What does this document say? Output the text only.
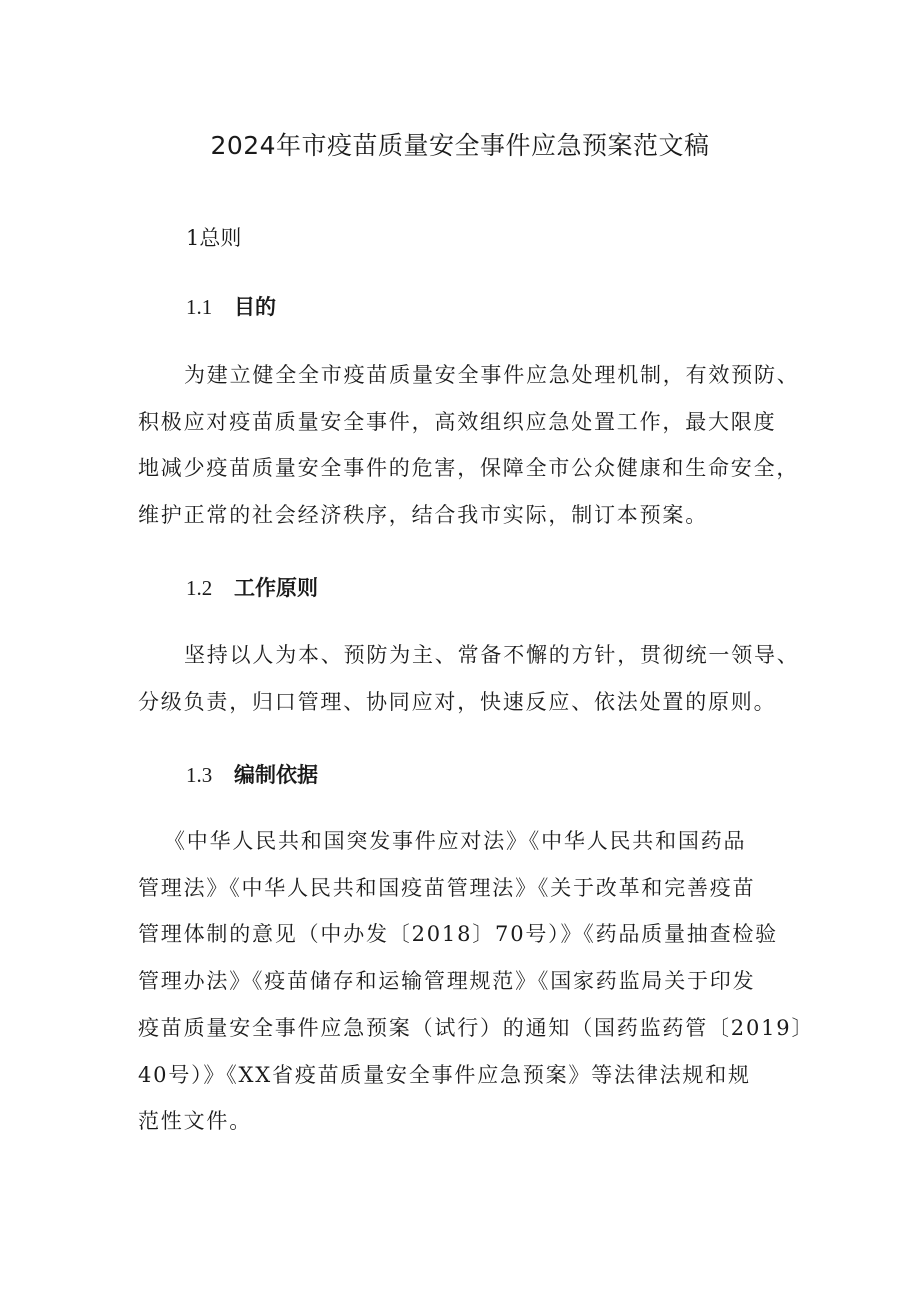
2024年市疫苗质量安全事件应急预案范文稿
1总则
1.1 目的

为建立健全全市疫苗质量安全事件应急处理机制，有效预防、
积极应对疫苗质量安全事件，高效组织应急处置工作，最大限度
地减少疫苗质量安全事件的危害，保障全市公众健康和生命安全，
维护正常的社会经济秩序，结合我市实际，制订本预案。

1.2 工作原则

坚持以人为本、预防为主、常备不懈的方针，贯彻统一领导、
分级负责，归口管理、协同应对，快速反应、依法处置的原则。

1.3 编制依据

《中华人民共和国突发事件应对法》《中华人民共和国药品
管理法》《中华人民共和国疫苗管理法》《关于改革和完善疫苗
管理体制的意见（中办发〔2018〕70号）》《药品质量抽查检验
管理办法》《疫苗储存和运输管理规范》《国家药监局关于印发
疫苗质量安全事件应急预案（试行）的通知（国药监药管〔2019〕
40号）》《XX省疫苗质量安全事件应急预案》等法律法规和规
范性文件。
